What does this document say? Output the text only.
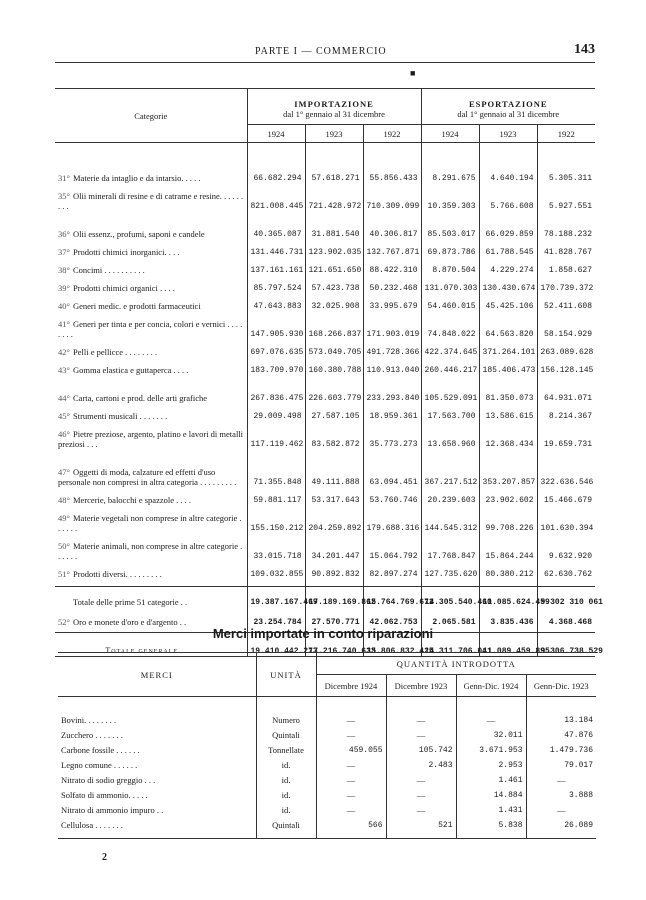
PARTE I — COMMERCIO	143
■
Categorie	IMPORTAZIONE			ESPORTAZIONE		
	dal 1° gennaio al 31 dicembre			dal 1° gennaio al 31 dicembre		
	1924	1923	1922	1924	1923	1922

31° Materie da intaglio e da intarsio. . . . .	66.682.294	57.618.271	55.856.433	8.291.675	4.640.194	5.305.311
35° Olii minerali di resine e di catrame e resine. . . . . . . . .	821.008.445	721.428.972	710.309.099	10.359.303	5.766.608	5.927.551
36° Olii essenz., profumi, saponi e candele	40.365.087	31.881.540	40.306.817	85.503.017	66.029.859	78.188.232
37° Prodotti chimici inorganici. . . .	131.446.731	123.902.035	132.767.871	69.873.786	61.788.545	41.828.767
38° Concimi . . . . . . . . . .	137.161.161	121.651.650	88.422.310	8.870.504	4.229.274	1.858.627
39° Prodotti chimici organici . . . .	85.797.524	57.423.738	50.232.468	131.070.303	130.430.674	170.739.372
40° Generi medic. e prodotti farmaceutici	47.643.883	32.025.908	33.995.679	54.460.015	45.425.106	52.411.608
41° Generi per tinta e per concia, colori e vernici . . . . . . . .	147.905.930	168.266.837	171.903.019	74.848.022	64.563.820	58.154.929
42° Pelli e pellicce . . . . . . . .	697.076.635	573.049.705	491.728.366	422.374.645	371.264.101	263.089.628
43° Gomma elastica e guttaperca . . . .	183.709.970	160.380.788	110.913.040	260.446.217	185.406.473	156.128.145
44° Carta, cartoni e prod. delle arti grafiche	267.836.475	226.603.779	233.293.840	105.529.091	81.350.073	64.931.071
45° Strumenti musicali . . . . . . .	29.009.498	27.587.105	18.959.361	17.563.700	13.586.615	8.214.367
46° Pietre preziose, argento, platino e lavori di metalli preziosi . . .	117.119.462	83.582.872	35.773.273	13.658.960	12.368.434	19.659.731
47° Oggetti di moda, calzature ed effetti d'uso personale non compresi in altra categoria . . . . . . . . .	71.355.848	49.111.888	63.094.451	367.217.512	353.207.857	322.636.546
48° Mercerie, balocchi e spazzole . . . .	59.881.117	53.317.643	53.760.746	20.239.603	23.902.602	15.466.679
49° Materie vegetali non comprese in altre categorie . . . . . .	155.150.212	204.259.892	179.688.316	144.545.312	99.708.226	101.630.394
50° Materie animali, non comprese in altre categorie . . . . . .	33.015.718	34.201.447	15.064.792	17.768.847	15.864.244	9.632.920
51° Prodotti diversi. . . . . . . . .	109.032.855	90.892.832	82.897.274	127.735.620	80.380.212	62.630.762

Totale delle prime 51 categorie . .	19.387.167.469	17.189.169.862	15.764.769.672	14.305.540.460	11.085.624.459	9.302 310 061
52° Oro e monete d'oro e d'argento . .	23.254.784	27.570.771	42.062.753	2.065.581	3.835.436	4.368.468

Totale generale . . .	19.410.442.273	17.216.740.633	15.806.832.425	14.311.706.041	11.089.459.895	9.306.738.529
Merci importate in conto riparazioni
MERCI	UNITÀ	QUANTITÀ INTRODOTTA			
		Dicembre 1924	Dicembre 1923	Genn-Dic. 1924	Genn-Dic. 1923

Bovini. . . . . . . .	Numero	—	—	—	13.184
Zucchero . . . . . . .	Quintali	—	—	32.011	47.876
Carbone fossile . . . . . .	Tonnellate	459.055	105.742	3.671.953	1.479.736
Legno comune . . . . . .	id.	—	2.483	2.953	79.017
Nitrato di sodio greggio . . .	id.	—	—	1.461	—
Solfato di ammonio. . . . .	id.	—	—	14.884	3.888
Nitrato di ammonio impuro . .	id.	—	—	1.431	—
Cellulosa . . . . . . .	Quintali	566	521	5.838	26.089

2
